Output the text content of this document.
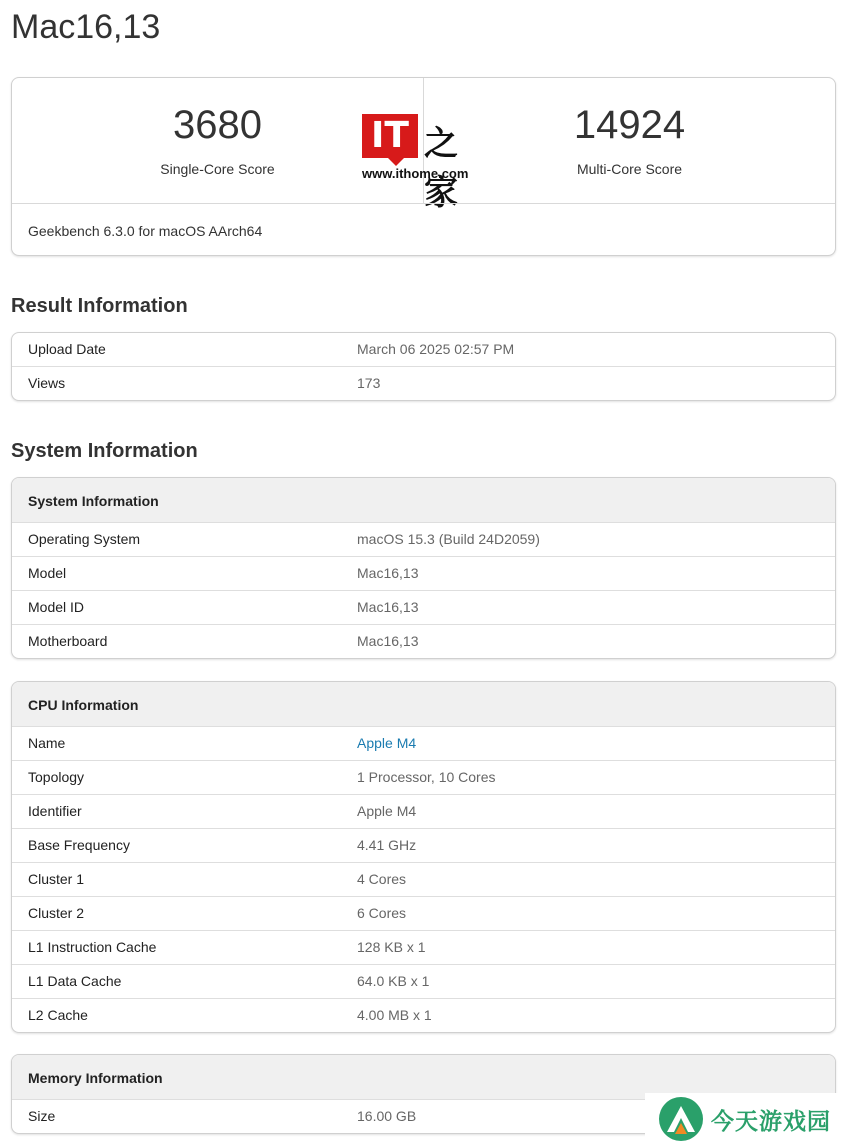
Mac16,13
3680
Single-Core Score
14924
Multi-Core Score
IT 之家
www.ithome.com
Geekbench 6.3.0 for macOS AArch64
Result Information
Upload Date	March 06 2025 02:57 PM
Views	173
System Information
System Information
Operating System	macOS 15.3 (Build 24D2059)
Model	Mac16,13
Model ID	Mac16,13
Motherboard	Mac16,13
CPU Information
Name	Apple M4
Topology	1 Processor, 10 Cores
Identifier	Apple M4
Base Frequency	4.41 GHz
Cluster 1	4 Cores
Cluster 2	6 Cores
L1 Instruction Cache	128 KB x 1
L1 Data Cache	64.0 KB x 1
L2 Cache	4.00 MB x 1
Memory Information
Size	16.00 GB	今天游戏园
